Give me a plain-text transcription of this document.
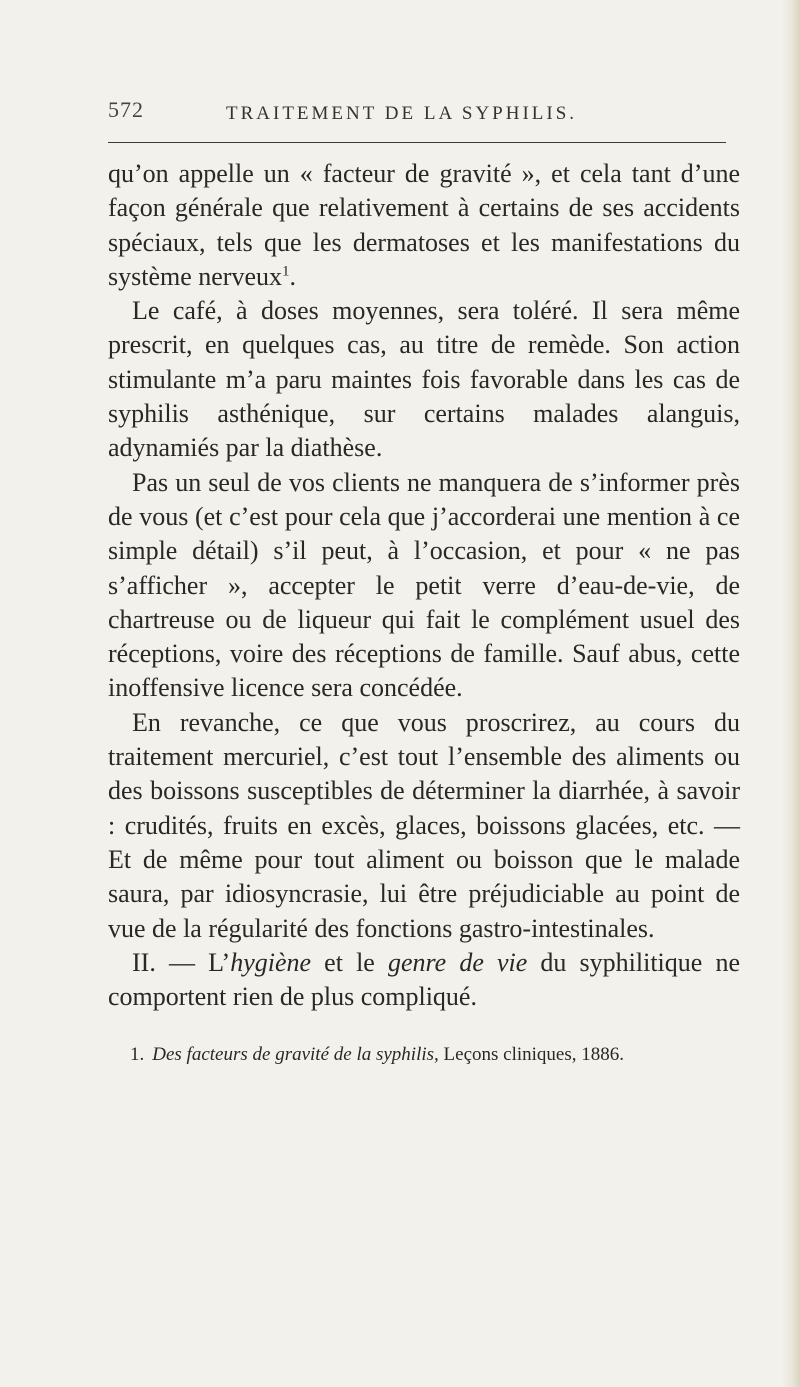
572	TRAITEMENT DE LA SYPHILIS.

qu’on appelle un « facteur de gravité », et cela tant d’une façon générale que relativement à certains de ses accidents spéciaux, tels que les dermatoses et les manifestations du système nerveux$^1$.

Le café, à doses moyennes, sera toléré. Il sera même prescrit, en quelques cas, au titre de remède. Son action stimulante m’a paru maintes fois favorable dans les cas de syphilis asthénique, sur certains malades alanguis, adynamiés par la diathèse.

Pas un seul de vos clients ne manquera de s’informer près de vous (et c’est pour cela que j’accorderai une mention à ce simple détail) s’il peut, à l’occasion, et pour « ne pas s’afficher », accepter le petit verre d’eau-de-vie, de chartreuse ou de liqueur qui fait le complément usuel des réceptions, voire des réceptions de famille. Sauf abus, cette inoffensive licence sera concédée.

En revanche, ce que vous proscrirez, au cours du traitement mercuriel, c’est tout l’ensemble des aliments ou des boissons susceptibles de déterminer la diarrhée, à savoir : crudités, fruits en excès, glaces, boissons glacées, etc. — Et de même pour tout aliment ou boisson que le malade saura, par idiosyncrasie, lui être préjudiciable au point de vue de la régularité des fonctions gastro-intestinales.

II. — L’hygiène et le genre de vie du syphilitique ne comportent rien de plus compliqué.

1. Des facteurs de gravité de la syphilis, Leçons cliniques, 1886.
